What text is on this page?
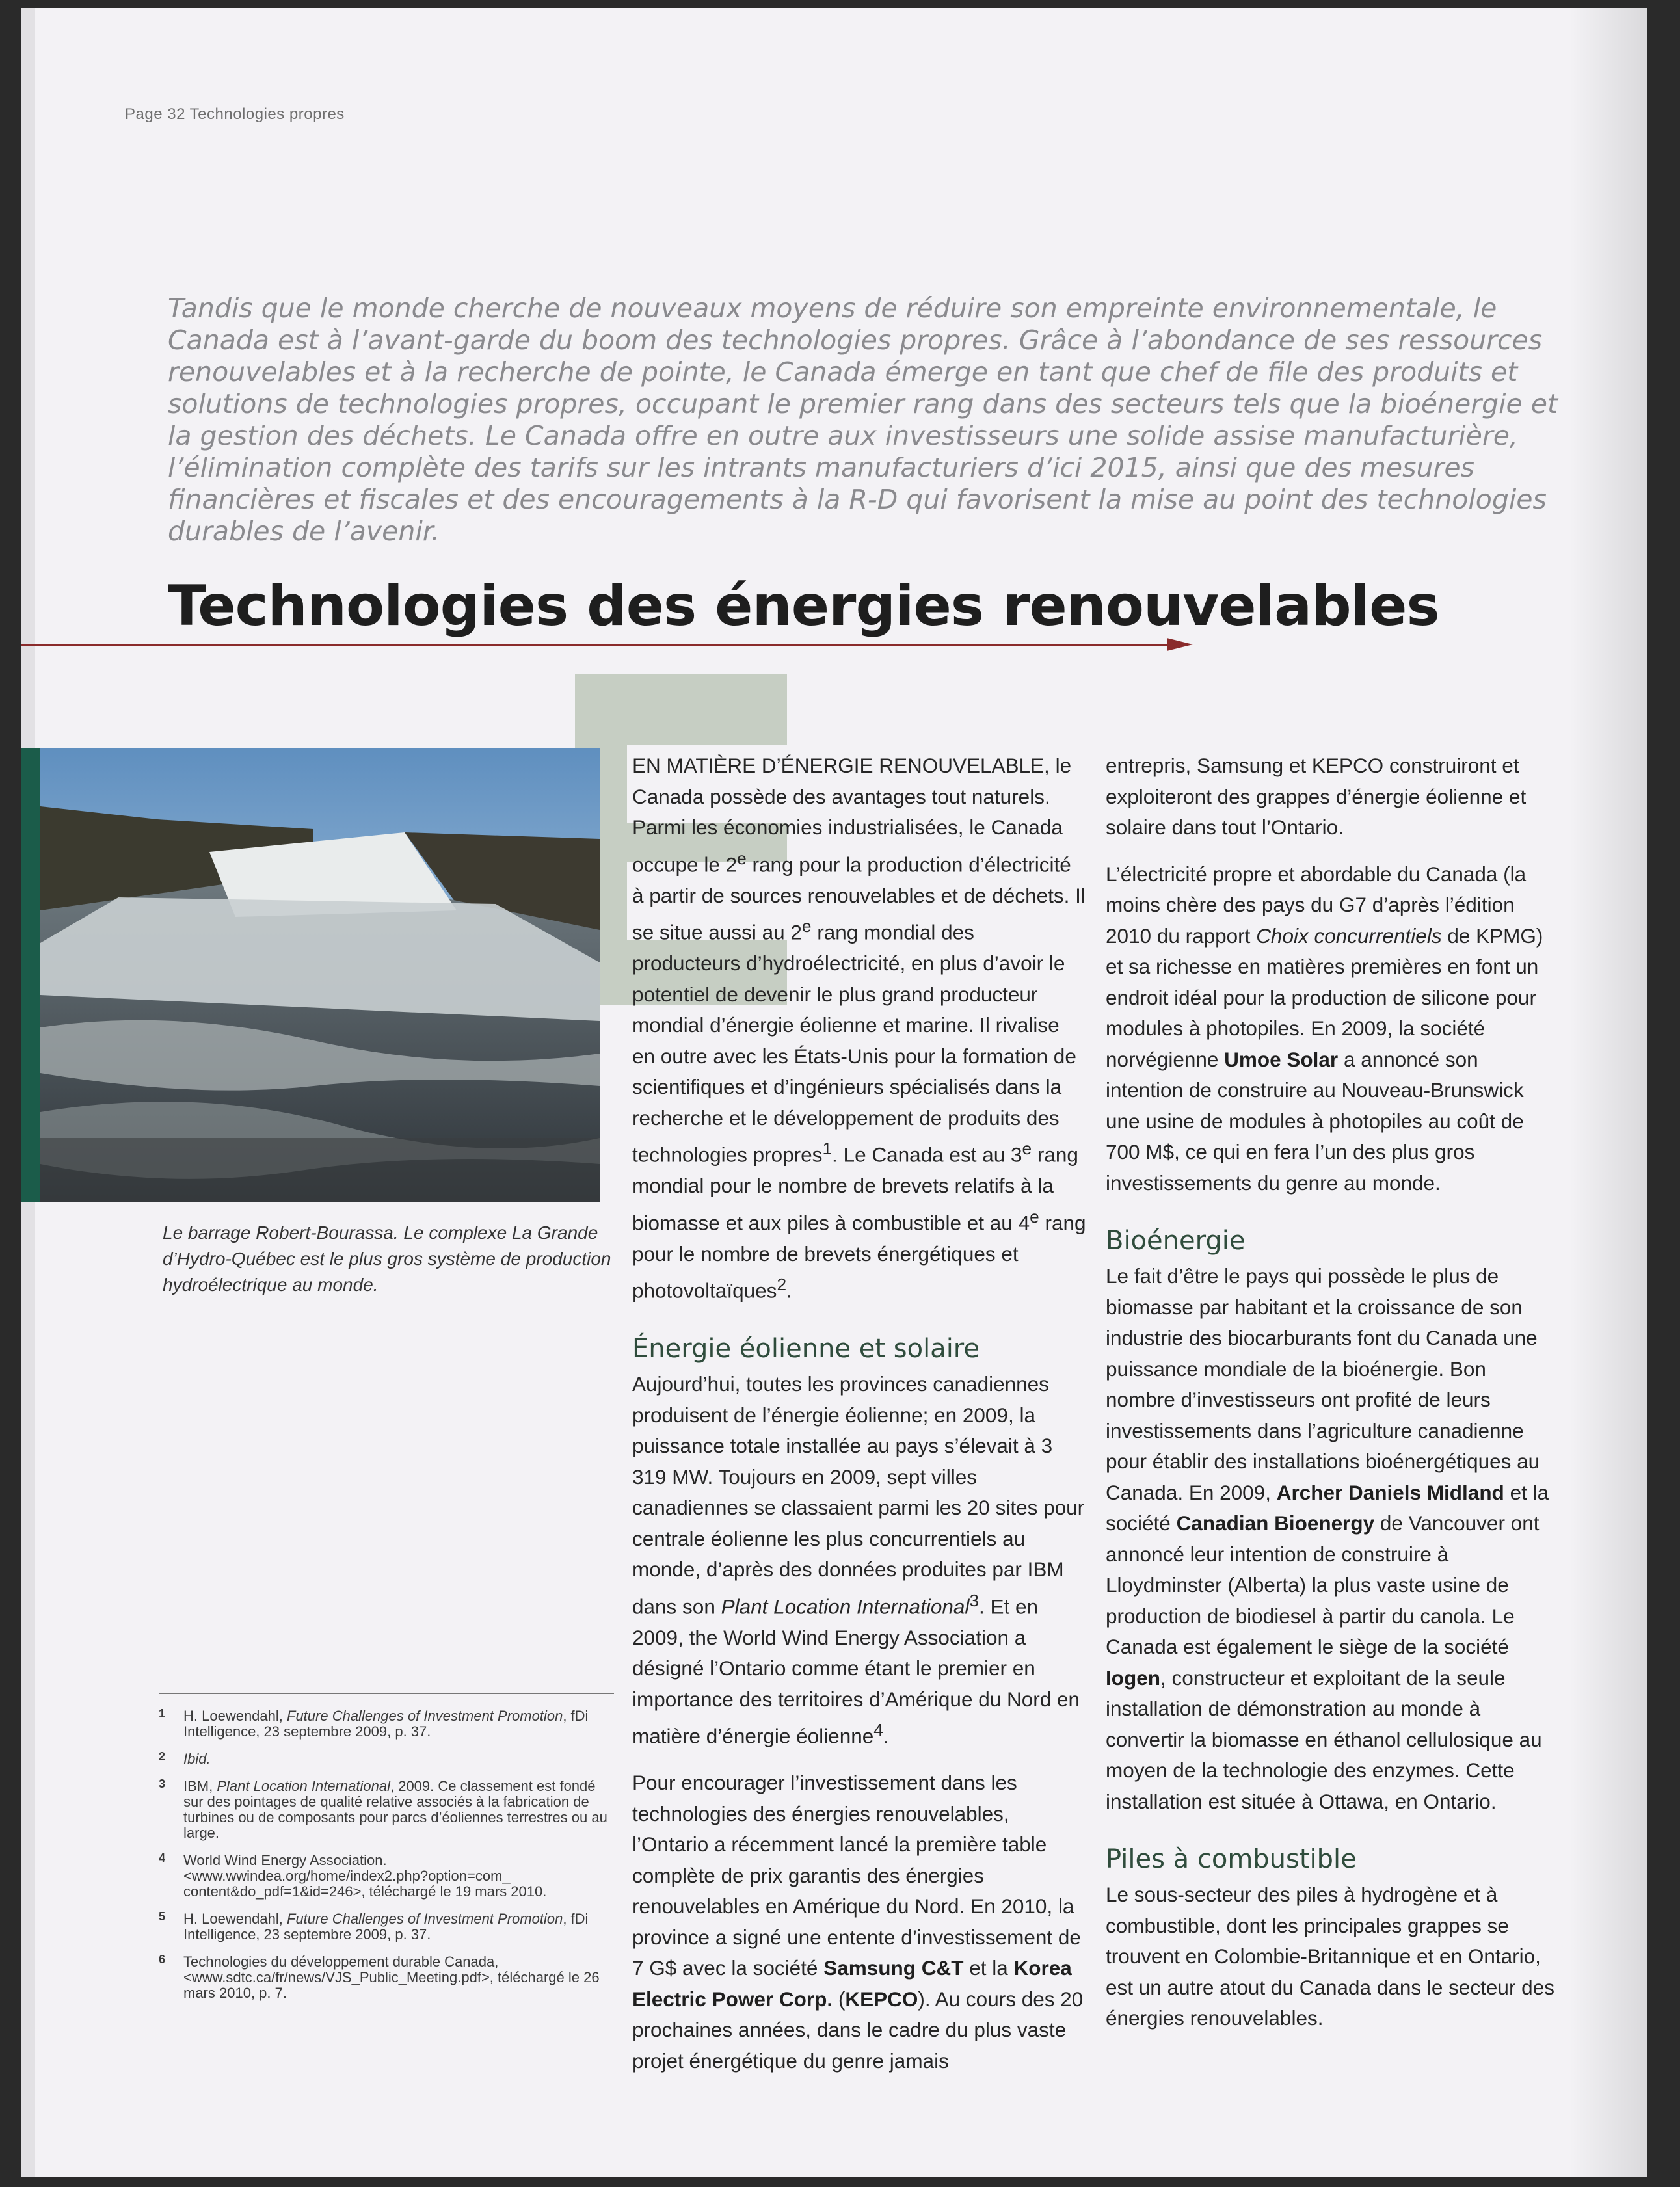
Page 32 Technologies propres

Tandis que le monde cherche de nouveaux moyens de réduire son empreinte environnementale, le Canada est à l’avant-garde du boom des technologies propres. Grâce à l’abondance de ses ressources renouvelables et à la recherche de pointe, le Canada émerge en tant que chef de file des produits et solutions de technologies propres, occupant le premier rang dans des secteurs tels que la bioénergie et la gestion des déchets. Le Canada offre en outre aux investisseurs une solide assise manufacturière, l’élimination complète des tarifs sur les intrants manufacturiers d’ici 2015, ainsi que des mesures financières et fiscales et des encouragements à la R-D qui favorisent la mise au point des technologies durables de l’avenir.

Technologies des énergies renouvelables

Le barrage Robert-Bourassa. Le complexe La Grande d’Hydro-Québec est le plus gros système de production hydroélectrique au monde.

1 H. Loewendahl, Future Challenges of Investment Promotion, fDi Intelligence, 23 septembre 2009, p. 37.

2 Ibid.

3 IBM, Plant Location International, 2009. Ce classement est fondé sur des pointages de qualité relative associés à la fabrication de turbines ou de composants pour parcs d’éoliennes terrestres ou au large.

4 World Wind Energy Association. <www.wwindea.org/home/index2.php?option=com_ content&do_pdf=1&id=246>, téléchargé le 19 mars 2010.

5 H. Loewendahl, Future Challenges of Investment Promotion, fDi Intelligence, 23 septembre 2009, p. 37.

6 Technologies du développement durable Canada, <www.sdtc.ca/fr/news/VJS_Public_Meeting.pdf>, téléchargé le 26 mars 2010, p. 7.

EN MATIÈRE D’ÉNERGIE RENOUVELABLE, le Canada possède des avantages tout naturels. Parmi les économies industrialisées, le Canada occupe le 2e rang pour la production d’électricité à partir de sources renouvelables et de déchets. Il se situe aussi au 2e rang mondial des producteurs d’hydroélectricité, en plus d’avoir le potentiel de devenir le plus grand producteur mondial d’énergie éolienne et marine. Il rivalise en outre avec les États-Unis pour la formation de scientifiques et d’ingénieurs spécialisés dans la recherche et le développement de produits des technologies propres$^1$. Le Canada est au 3e rang mondial pour le nombre de brevets relatifs à la biomasse et aux piles à combustible et au 4e rang pour le nombre de brevets énergétiques et photovoltaïques$^2$.

Énergie éolienne et solaire

Aujourd’hui, toutes les provinces canadiennes produisent de l’énergie éolienne; en 2009, la puissance totale installée au pays s’élevait à 3 319 MW. Toujours en 2009, sept villes canadiennes se classaient parmi les 20 sites pour centrale éolienne les plus concurrentiels au monde, d’après des données produites par IBM dans son Plant Location International$^3$. Et en 2009, the World Wind Energy Association a désigné l’Ontario comme étant le premier en importance des territoires d’Amérique du Nord en matière d’énergie éolienne$^4$.

Pour encourager l’investissement dans les technologies des énergies renouvelables, l’Ontario a récemment lancé la première table complète de prix garantis des énergies renouvelables en Amérique du Nord. En 2010, la province a signé une entente d’investissement de 7 G$ avec la société Samsung C&T et la Korea Electric Power Corp. (KEPCO). Au cours des 20 prochaines années, dans le cadre du plus vaste projet énergétique du genre jamais

entrepris, Samsung et KEPCO construiront et exploiteront des grappes d’énergie éolienne et solaire dans tout l’Ontario.

L’électricité propre et abordable du Canada (la moins chère des pays du G7 d’après l’édition 2010 du rapport Choix concurrentiels de KPMG) et sa richesse en matières premières en font un endroit idéal pour la production de silicone pour modules à photopiles. En 2009, la société norvégienne Umoe Solar a annoncé son intention de construire au Nouveau-Brunswick une usine de modules à photopiles au coût de 700 M$, ce qui en fera l’un des plus gros investissements du genre au monde.

Bioénergie

Le fait d’être le pays qui possède le plus de biomasse par habitant et la croissance de son industrie des biocarburants font du Canada une puissance mondiale de la bioénergie. Bon nombre d’investisseurs ont profité de leurs investissements dans l’agriculture canadienne pour établir des installations bioénergétiques au Canada. En 2009, Archer Daniels Midland et la société Canadian Bioenergy de Vancouver ont annoncé leur intention de construire à Lloydminster (Alberta) la plus vaste usine de production de biodiesel à partir du canola. Le Canada est également le siège de la société Iogen, constructeur et exploitant de la seule installation de démonstration au monde à convertir la biomasse en éthanol cellulosique au moyen de la technologie des enzymes. Cette installation est située à Ottawa, en Ontario.

Piles à combustible

Le sous-secteur des piles à hydrogène et à combustible, dont les principales grappes se trouvent en Colombie-Britannique et en Ontario, est un autre atout du Canada dans le secteur des énergies renouvelables.
